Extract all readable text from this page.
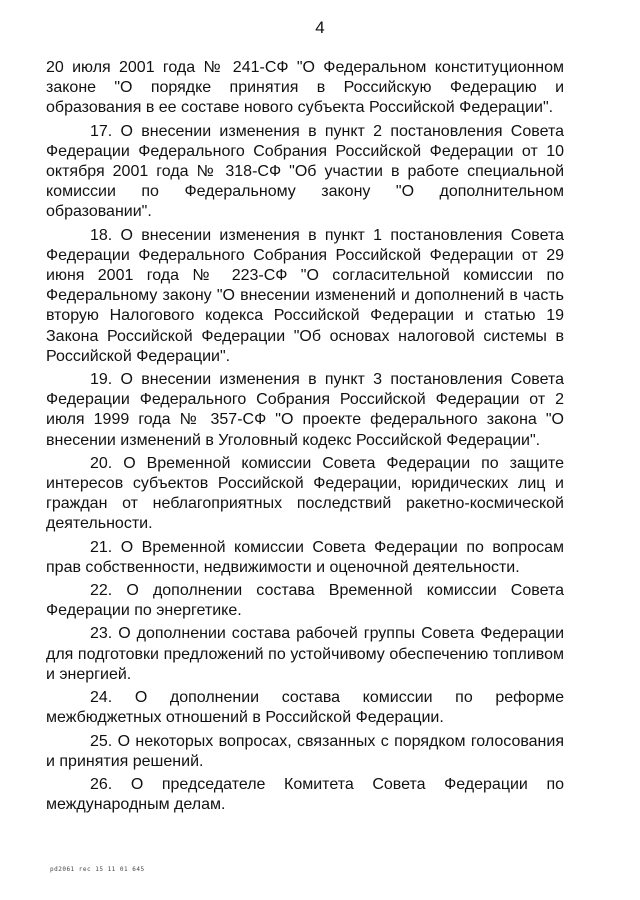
4

20 июля 2001 года № 241-СФ "О Федеральном конституционном законе "О порядке принятия в Российскую Федерацию и образования в ее составе нового субъекта Российской Федерации".

17. О внесении изменения в пункт 2 постановления Совета Федерации Федерального Собрания Российской Федерации от 10 октября 2001 года № 318-СФ "Об участии в работе специальной комиссии по Федеральному закону "О дополнительном образовании".

18. О внесении изменения в пункт 1 постановления Совета Федерации Федерального Собрания Российской Федерации от 29 июня 2001 года № 223-СФ "О согласительной комиссии по Федеральному закону "О внесении изменений и дополнений в часть вторую Налогового кодекса Российской Федерации и статью 19 Закона Российской Федерации "Об основах налоговой системы в Российской Федерации".

19. О внесении изменения в пункт 3 постановления Совета Федерации Федерального Собрания Российской Федерации от 2 июля 1999 года № 357-СФ "О проекте федерального закона "О внесении изменений в Уголовный кодекс Российской Федерации".

20. О Временной комиссии Совета Федерации по защите интересов субъектов Российской Федерации, юридических лиц и граждан от неблагоприятных последствий ракетно-космической деятельности.

21. О Временной комиссии Совета Федерации по вопросам прав собственности, недвижимости и оценочной деятельности.

22. О дополнении состава Временной комиссии Совета Федерации по энергетике.

23. О дополнении состава рабочей группы Совета Федерации для подготовки предложений по устойчивому обеспечению топливом и энергией.

24. О дополнении состава комиссии по реформе межбюджетных отношений в Российской Федерации.

25. О некоторых вопросах, связанных с порядком голосования и принятия решений.

26. О председателе Комитета Совета Федерации по международным делам.

pd2061 rec 15 11 01 645
